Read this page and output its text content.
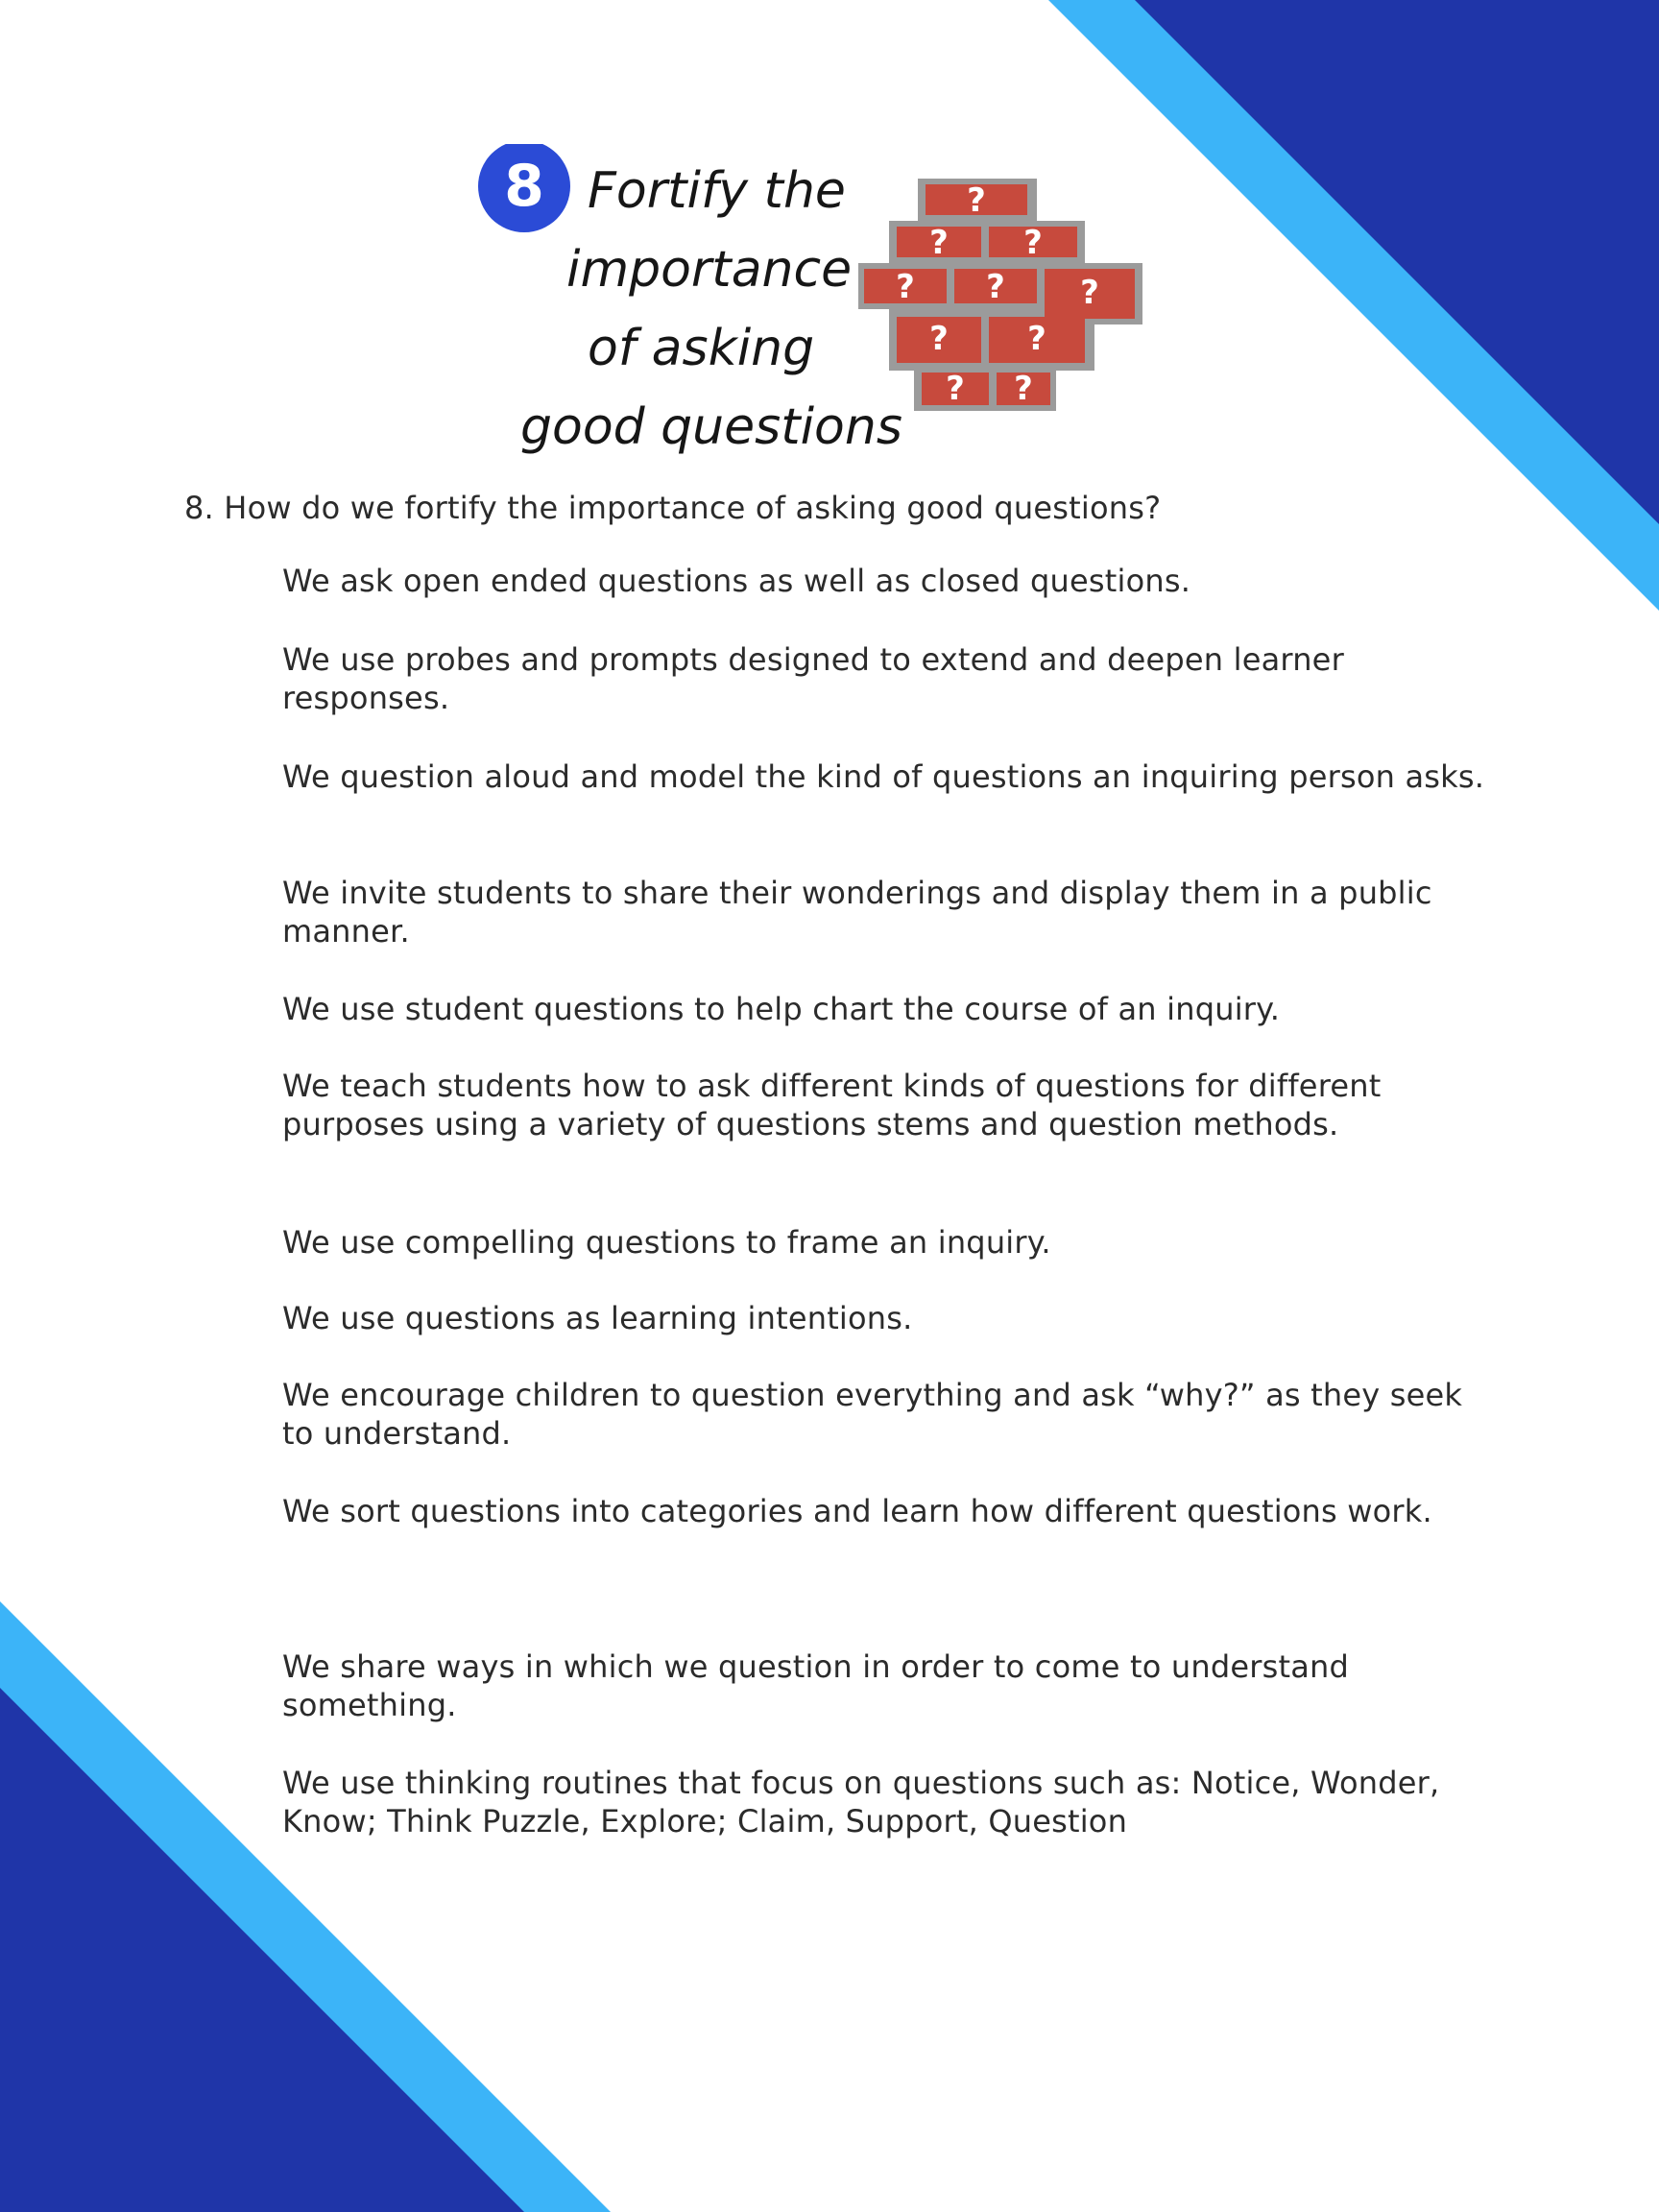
8 Fortify the
importance
of asking
good questions
?
? ?
? ? ?
? ?
? ?
8. How do we fortify the importance of asking good questions?
We ask open ended questions as well as closed questions.
We use probes and prompts designed to extend and deepen learner responses.
We question aloud and model the kind of questions an inquiring person asks.
We invite students to share their wonderings and display them in a public manner.
We use student questions to help chart the course of an inquiry.
We teach students how to ask different kinds of questions for different purposes using a variety of questions stems and question methods.
We use compelling questions to frame an inquiry.
We use questions as learning intentions.
We encourage children to question everything and ask “why?” as they seek to understand.
We sort questions into categories and learn how different questions work.
We share ways in which we question in order to come to understand something.
We use thinking routines that focus on questions such as: Notice, Wonder, Know; Think Puzzle, Explore; Claim, Support, Question
